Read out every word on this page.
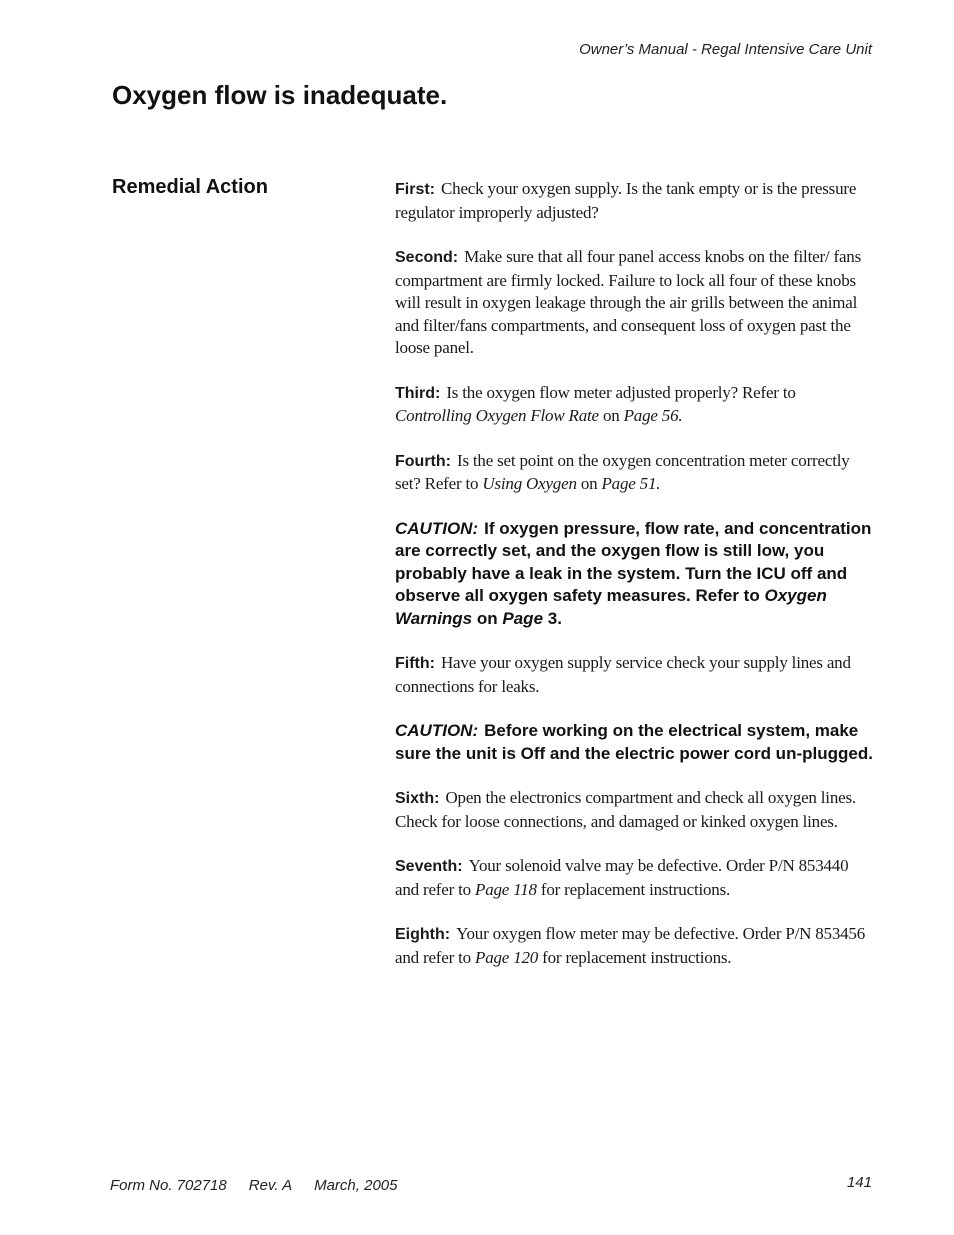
Owner’s Manual - Regal Intensive Care Unit
Oxygen flow is inadequate.
Remedial Action	First: Check your oxygen supply. Is the tank empty or is the pressure regulator improperly adjusted?

Second: Make sure that all four panel access knobs on the filter/ fans compartment are firmly locked. Failure to lock all four of these knobs will result in oxygen leakage through the air grills between the animal and filter/fans compartments, and consequent loss of oxygen past the loose panel.

Third: Is the oxygen flow meter adjusted properly? Refer to Controlling Oxygen Flow Rate on Page 56.

Fourth: Is the set point on the oxygen concentration meter correctly set? Refer to Using Oxygen on Page 51.

CAUTION: If oxygen pressure, flow rate, and concentration are correctly set, and the oxygen flow is still low, you probably have a leak in the system. Turn the ICU off and observe all oxygen safety measures. Refer to Oxygen Warnings on Page 3.

Fifth: Have your oxygen supply service check your supply lines and connections for leaks.

CAUTION: Before working on the electrical system, make sure the unit is Off and the electric power cord un-plugged.

Sixth: Open the electronics compartment and check all oxygen lines. Check for loose connections, and damaged or kinked oxygen lines.

Seventh: Your solenoid valve may be defective. Order P/N 853440 and refer to Page 118 for replacement instructions.

Eighth: Your oxygen flow meter may be defective. Order P/N 853456 and refer to Page 120 for replacement instructions.

Form No. 702718 Rev. A March, 2005	141
